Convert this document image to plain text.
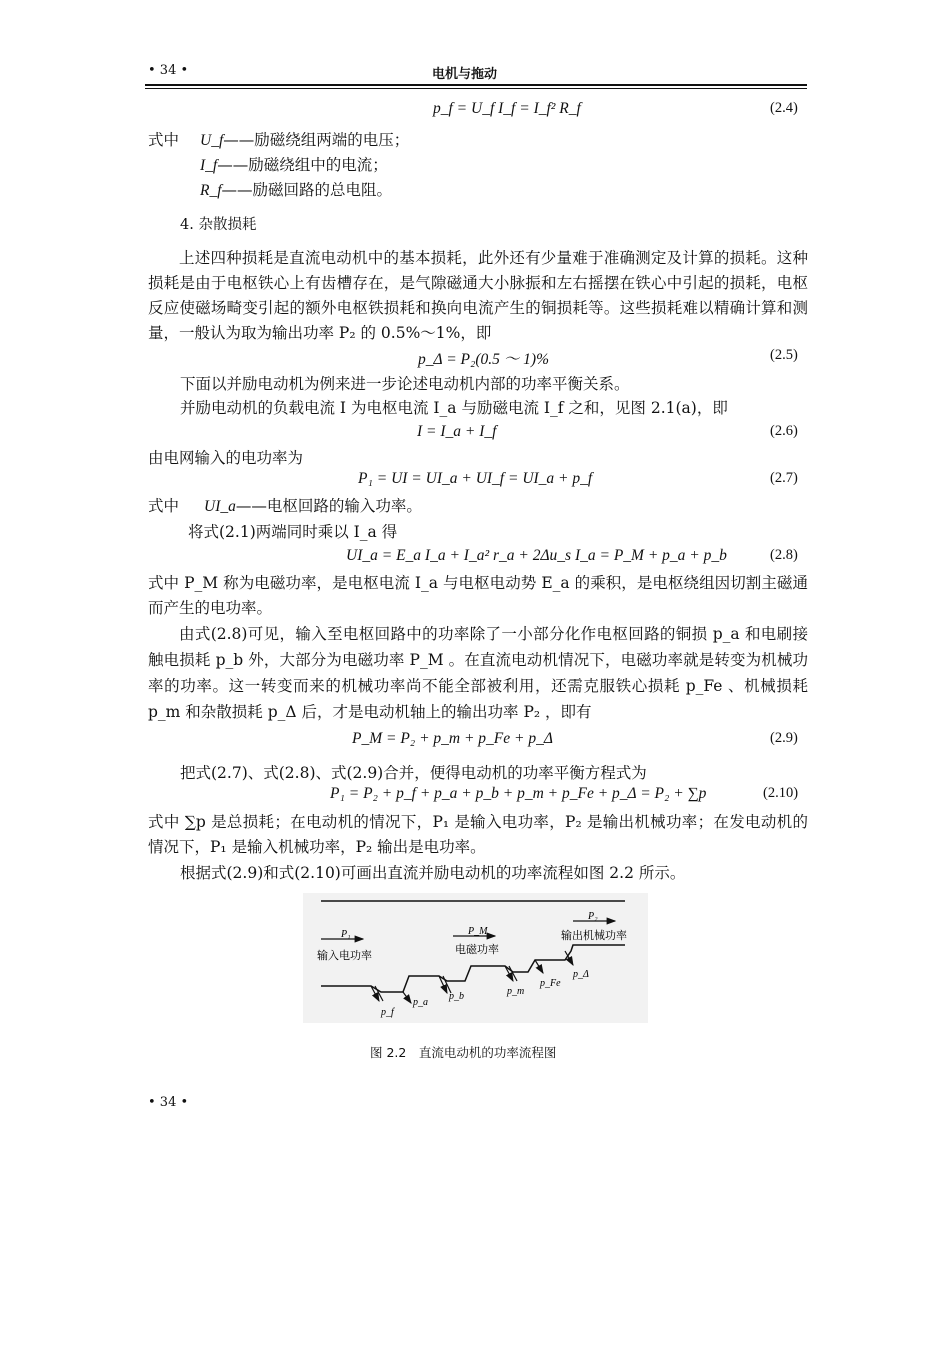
• 34 •	电机与拖动
p_f = U_f I_f = I_f² R_f	(2.4)
式中 U_f——励磁绕组两端的电压；
I_f——励磁绕组中的电流；
R_f——励磁回路的总电阻。
4. 杂散损耗
上述四种损耗是直流电动机中的基本损耗，此外还有少量难于准确测定及计算的损耗。这种损耗是由于电枢铁心上有齿槽存在，是气隙磁通大小脉振和左右摇摆在铁心中引起的损耗，电枢反应使磁场畸变引起的额外电枢铁损耗和换向电流产生的铜损耗等。这些损耗难以精确计算和测量，一般认为取为输出功率 P₂ 的 0.5%～1%，即
p_Δ = P₂(0.5 ～ 1)%	(2.5)
下面以并励电动机为例来进一步论述电动机内部的功率平衡关系。
并励电动机的负载电流 I 为电枢电流 I_a 与励磁电流 I_f 之和，见图 2.1(a)，即
I = I_a + I_f	(2.6)
由电网输入的电功率为
P₁ = UI = UI_a + UI_f = UI_a + p_f	(2.7)
式中 UI_a——电枢回路的输入功率。
将式(2.1)两端同时乘以 I_a 得
UI_a = E_a I_a + I_a² r_a + 2Δu_s I_a = P_M + p_a + p_b	(2.8)
式中 P_M 称为电磁功率，是电枢电流 I_a 与电枢电动势 E_a 的乘积，是电枢绕组因切割主磁通而产生的电功率。
由式(2.8)可见，输入至电枢回路中的功率除了一小部分化作电枢回路的铜损 p_a 和电刷接触电损耗 p_b 外，大部分为电磁功率 P_M 。在直流电动机情况下，电磁功率就是转变为机械功率的功率。这一转变而来的机械功率尚不能全部被利用，还需克服铁心损耗 p_Fe 、机械损耗 p_m 和杂散损耗 p_Δ 后，才是电动机轴上的输出功率 P₂ ，即有
P_M = P₂ + p_m + p_Fe + p_Δ	(2.9)
把式(2.7)、式(2.8)、式(2.9)合并，便得电动机的功率平衡方程式为
P₁ = P₂ + p_f + p_a + p_b + p_m + p_Fe + p_Δ = P₂ + ∑p	(2.10)
式中 ∑p 是总损耗；在电动机的情况下，P₁ 是输入电功率，P₂ 是输出机械功率；在发电动机的情况下，P₁ 是输入机械功率，P₂ 输出是电功率。
根据式(2.9)和式(2.10)可画出直流并励电动机的功率流程如图 2.2 所示。
P₁
输入电功率
P_M
电磁功率
P₂
输出机械功率
p_f
p_a
p_b	p_m
p_Fe
p_Δ
图 2.2　直流电动机的功率流程图
• 34 •
